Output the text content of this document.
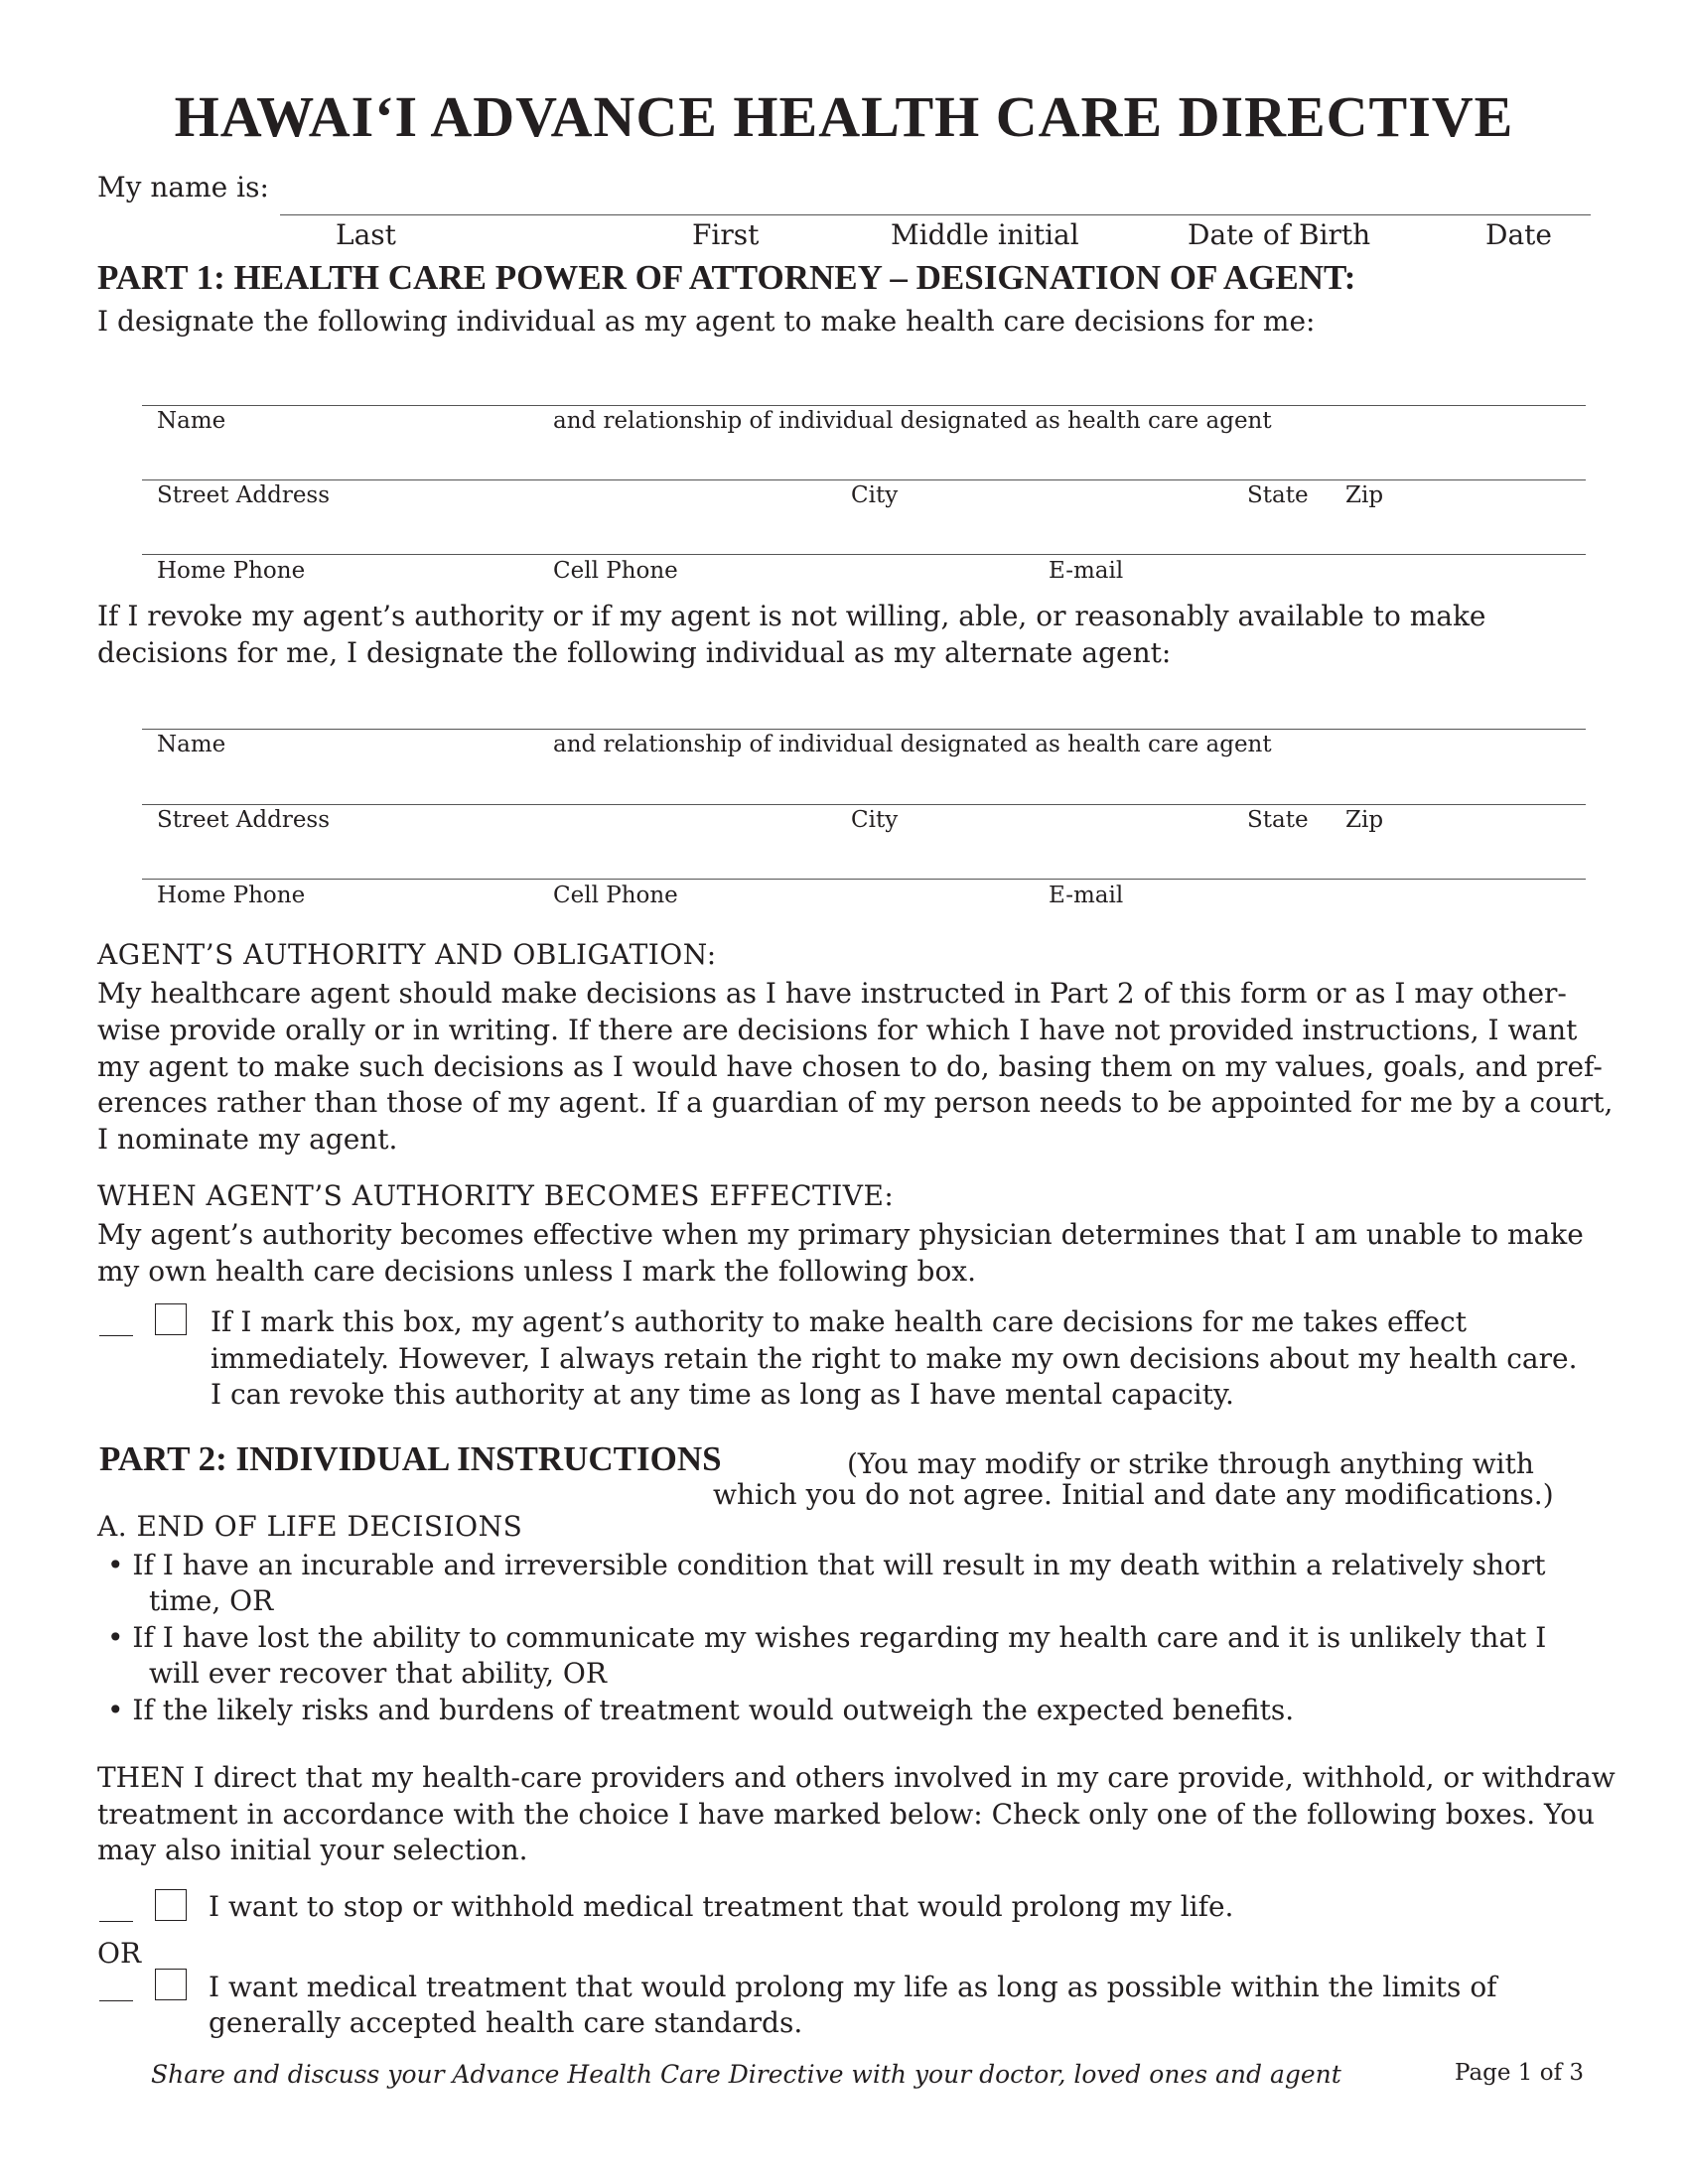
HAWAI‘I ADVANCE HEALTH CARE DIRECTIVE
My name is:
Last	First	Middle initial	Date of Birth	Date
PART 1: HEALTH CARE POWER OF ATTORNEY – DESIGNATION OF AGENT:
I designate the following individual as my agent to make health care decisions for me:
Name	and relationship of individual designated as health care agent
Street Address	City	State Zip
Home Phone	Cell Phone	E-mail
If I revoke my agent’s authority or if my agent is not willing, able, or reasonably available to make
decisions for me, I designate the following individual as my alternate agent:
Name	and relationship of individual designated as health care agent
Street Address	City	State Zip
Home Phone	Cell Phone	E-mail
AGENT’S AUTHORITY AND OBLIGATION:
My healthcare agent should make decisions as I have instructed in Part 2 of this form or as I may other-
wise provide orally or in writing. If there are decisions for which I have not provided instructions, I want
my agent to make such decisions as I would have chosen to do, basing them on my values, goals, and pref-
erences rather than those of my agent. If a guardian of my person needs to be appointed for me by a court,
I nominate my agent.
WHEN AGENT’S AUTHORITY BECOMES EFFECTIVE:
My agent’s authority becomes effective when my primary physician determines that I am unable to make
my own health care decisions unless I mark the following box.
If I mark this box, my agent’s authority to make health care decisions for me takes effect
immediately. However, I always retain the right to make my own decisions about my health care.
I can revoke this authority at any time as long as I have mental capacity.
PART 2: INDIVIDUAL INSTRUCTIONS	(You may modify or strike through anything with
which you do not agree. Initial and date any modifications.)
A. END OF LIFE DECISIONS
• If I have an incurable and irreversible condition that will result in my death within a relatively short
time, OR
• If I have lost the ability to communicate my wishes regarding my health care and it is unlikely that I
will ever recover that ability, OR
• If the likely risks and burdens of treatment would outweigh the expected benefits.
THEN I direct that my health-care providers and others involved in my care provide, withhold, or withdraw
treatment in accordance with the choice I have marked below: Check only one of the following boxes. You
may also initial your selection.
I want to stop or withhold medical treatment that would prolong my life.
OR
I want medical treatment that would prolong my life as long as possible within the limits of
generally accepted health care standards.
Share and discuss your Advance Health Care Directive with your doctor, loved ones and agent	Page 1 of 3
